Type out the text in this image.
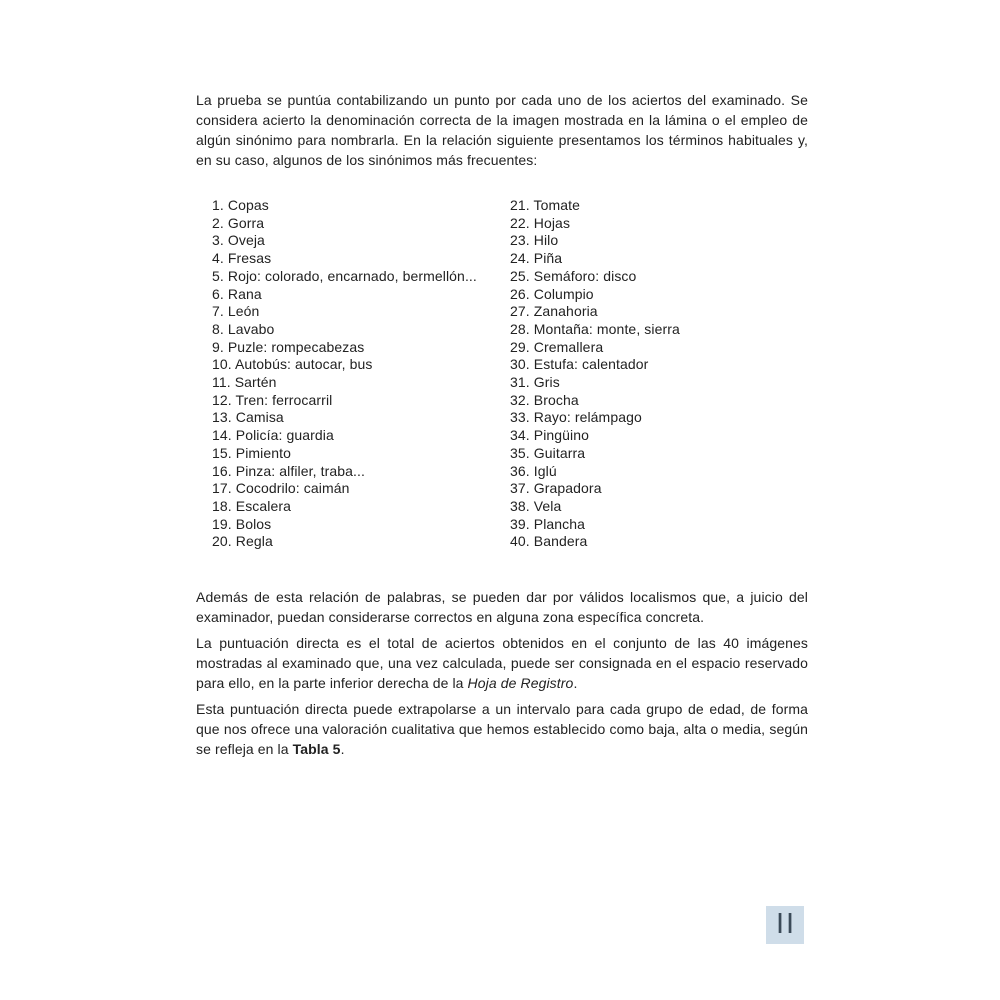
La prueba se puntúa contabilizando un punto por cada uno de los aciertos del examinado. Se considera acierto la denominación correcta de la imagen mostrada en la lámina o el empleo de algún sinónimo para nombrarla. En la relación siguiente presentamos los términos habituales y, en su caso, algunos de los sinónimos más frecuentes:

1. Copas
2. Gorra
3. Oveja
4. Fresas
5. Rojo: colorado, encarnado, bermellón...
6. Rana
7. León
8. Lavabo
9. Puzle: rompecabezas
10. Autobús: autocar, bus
11. Sartén
12. Tren: ferrocarril
13. Camisa
14. Policía: guardia
15. Pimiento
16. Pinza: alfiler, traba...
17. Cocodrilo: caimán
18. Escalera
19. Bolos
20. Regla
21. Tomate
22. Hojas
23. Hilo
24. Piña
25. Semáforo: disco
26. Columpio
27. Zanahoria
28. Montaña: monte, sierra
29. Cremallera
30. Estufa: calentador
31. Gris
32. Brocha
33. Rayo: relámpago
34. Pingüino
35. Guitarra
36. Iglú
37. Grapadora
38. Vela
39. Plancha
40. Bandera

Además de esta relación de palabras, se pueden dar por válidos localismos que, a juicio del examinador, puedan considerarse correctos en alguna zona específica concreta.

La puntuación directa es el total de aciertos obtenidos en el conjunto de las 40 imágenes mostradas al examinado que, una vez calculada, puede ser consignada en el espacio reservado para ello, en la parte inferior derecha de la Hoja de Registro.

Esta puntuación directa puede extrapolarse a un intervalo para cada grupo de edad, de forma que nos ofrece una valoración cualitativa que hemos establecido como baja, alta o media, según se refleja en la Tabla 5.

II
